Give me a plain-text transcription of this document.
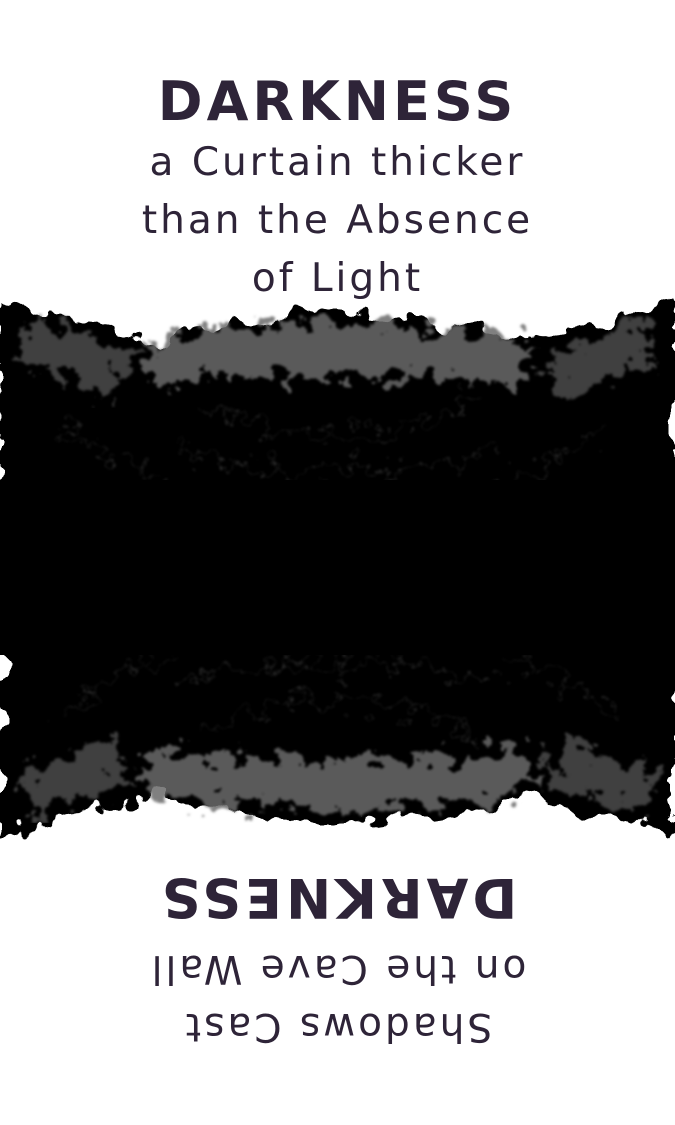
DARKNESS
a Curtain thicker
than the Absence
of Light
Shadows Cast
on the Cave Wall
DARKNESS
